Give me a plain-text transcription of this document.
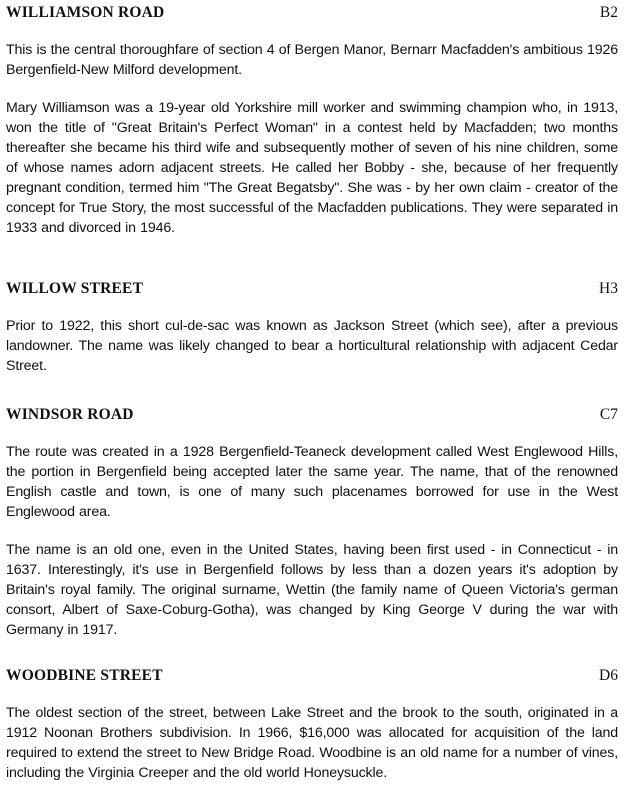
WILLIAMSON ROAD	B2

This is the central thoroughfare of section 4 of Bergen Manor, Bernarr Macfadden's ambitious 1926 Bergenfield-New Milford development.

Mary Williamson was a 19-year old Yorkshire mill worker and swimming champion who, in 1913, won the title of "Great Britain's Perfect Woman" in a contest held by Macfadden; two months thereafter she became his third wife and subsequently mother of seven of his nine children, some of whose names adorn adjacent streets. He called her Bobby - she, because of her frequently pregnant condition, termed him "The Great Begatsby". She was - by her own claim - creator of the concept for True Story, the most successful of the Macfadden publications. They were separated in 1933 and divorced in 1946.

WILLOW STREET	H3

Prior to 1922, this short cul-de-sac was known as Jackson Street (which see), after a previous landowner. The name was likely changed to bear a horticultural relationship with adjacent Cedar Street.

WINDSOR ROAD	C7

The route was created in a 1928 Bergenfield-Teaneck development called West Englewood Hills, the portion in Bergenfield being accepted later the same year. The name, that of the renowned English castle and town, is one of many such placenames borrowed for use in the West Englewood area.

The name is an old one, even in the United States, having been first used - in Connecticut - in 1637. Interestingly, it's use in Bergenfield follows by less than a dozen years it's adoption by Britain's royal family. The original surname, Wettin (the family name of Queen Victoria's german consort, Albert of Saxe-Coburg-Gotha), was changed by King George V during the war with Germany in 1917.

WOODBINE STREET	D6

The oldest section of the street, between Lake Street and the brook to the south, originated in a 1912 Noonan Brothers subdivision. In 1966, $16,000 was allocated for acquisition of the land required to extend the street to New Bridge Road. Woodbine is an old name for a number of vines, including the Virginia Creeper and the old world Honeysuckle.
